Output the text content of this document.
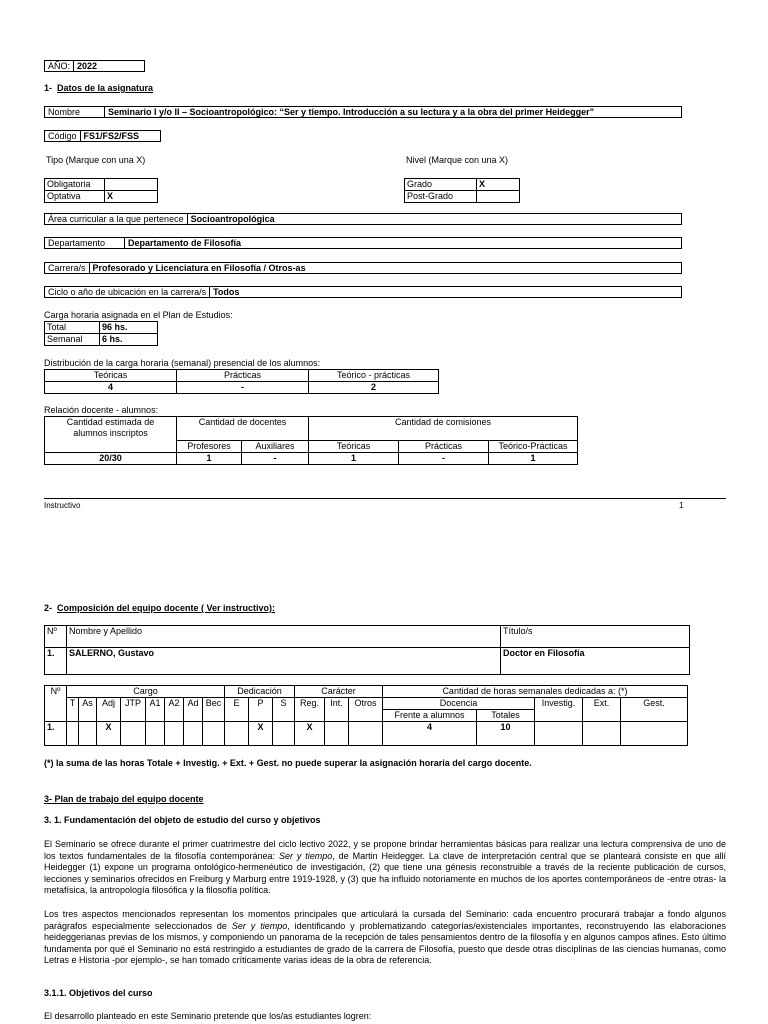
AÑO: 2022
1- Datos de la asignatura
Nombre	Seminario I y/o II – Socioantropológico: “Ser y tiempo. Introducción a su lectura y a la obra del primer Heidegger”
Código FS1/FS2/FSS
Tipo (Marque con una X)
Obligatoria	
Optativa	X
Nivel (Marque con una X)
Grado	X
Post-Grado	
Área curricular a la que pertenece Socioantropológica
Departamento	Departamento de Filosofía
Carrera/s Profesorado y Licenciatura en Filosofía / Otros-as
Ciclo o año de ubicación en la carrera/s Todos
Carga horaria asignada en el Plan de Estudios:
Total	96 hs.
Semanal	6 hs.
Distribución de la carga horaria (semanal) presencial de los alumnos:
Teóricas	Prácticas	Teórico - prácticas
4	-	2
Relación docente - alumnos:
Cantidad estimada de alumnos inscriptos	Cantidad de docentes		Cantidad de comisiones		
	Profesores	Auxiliares	Teóricas	Prácticas	Teórico-Prácticas
20/30	1	-	1	-	1
Instructivo	1
2- Composición del equipo docente ( Ver instructivo):
Nº	Nombre y Apellido	Título/s
1.	SALERNO, Gustavo	Doctor en Filosofía
Nº	Cargo								Dedicación			Carácter			Cantidad de horas semanales dedicadas a: (*)				
	T	As	Adj	JTP	A1	A2	Ad	Bec	E	P	S	Reg.	Int.	Otros	Docencia		Investig.	Ext.	Gest.
															Frente a alumnos	Totales			
1.			X							X		X			4	10			
(*) la suma de las horas Totale + Investig. + Ext. + Gest. no puede superar la asignación horaria del cargo docente.
3- Plan de trabajo del equipo docente
3. 1. Fundamentación del objeto de estudio del curso y objetivos
El Seminario se ofrece durante el primer cuatrimestre del ciclo lectivo 2022, y se propone brindar herramientas básicas para realizar una lectura comprensiva de uno de los textos fundamentales de la filosofía contemporánea: Ser y tiempo, de Martin Heidegger. La clave de interpretación central que se planteará consiste en que allí Heidegger (1) expone un programa ontológico-hermenéutico de investigación, (2) que tiene una génesis reconstruible a través de la reciente publicación de cursos, lecciones y seminarios ofrecidos en Freiburg y Marburg entre 1919-1928, y (3) que ha influido notoriamente en muchos de los aportes contemporáneos de -entre otras- la metafísica, la antropología filosófica y la filosofía política.
Los tres aspectos mencionados representan los momentos principales que articulará la cursada del Seminario: cada encuentro procurará trabajar a fondo algunos parágrafos especialmente seleccionados de Ser y tiempo, identificando y problematizando categorías/existenciales importantes, reconstruyendo las elaboraciones heideggerianas previas de los mismos, y componiendo un panorama de la recepción de tales pensamientos dentro de la filosofía y en algunos campos afines. Esto último fundamenta por qué el Seminario no está restringido a estudiantes de grado de la carrera de Filosofía, puesto que desde otras disciplinas de las ciencias humanas, como Letras e Historia -por ejemplo-, se han tomado críticamente varias ideas de la obra de referencia.
3.1.1. Objetivos del curso
El desarrollo planteado en este Seminario pretende que los/as estudiantes logren:
